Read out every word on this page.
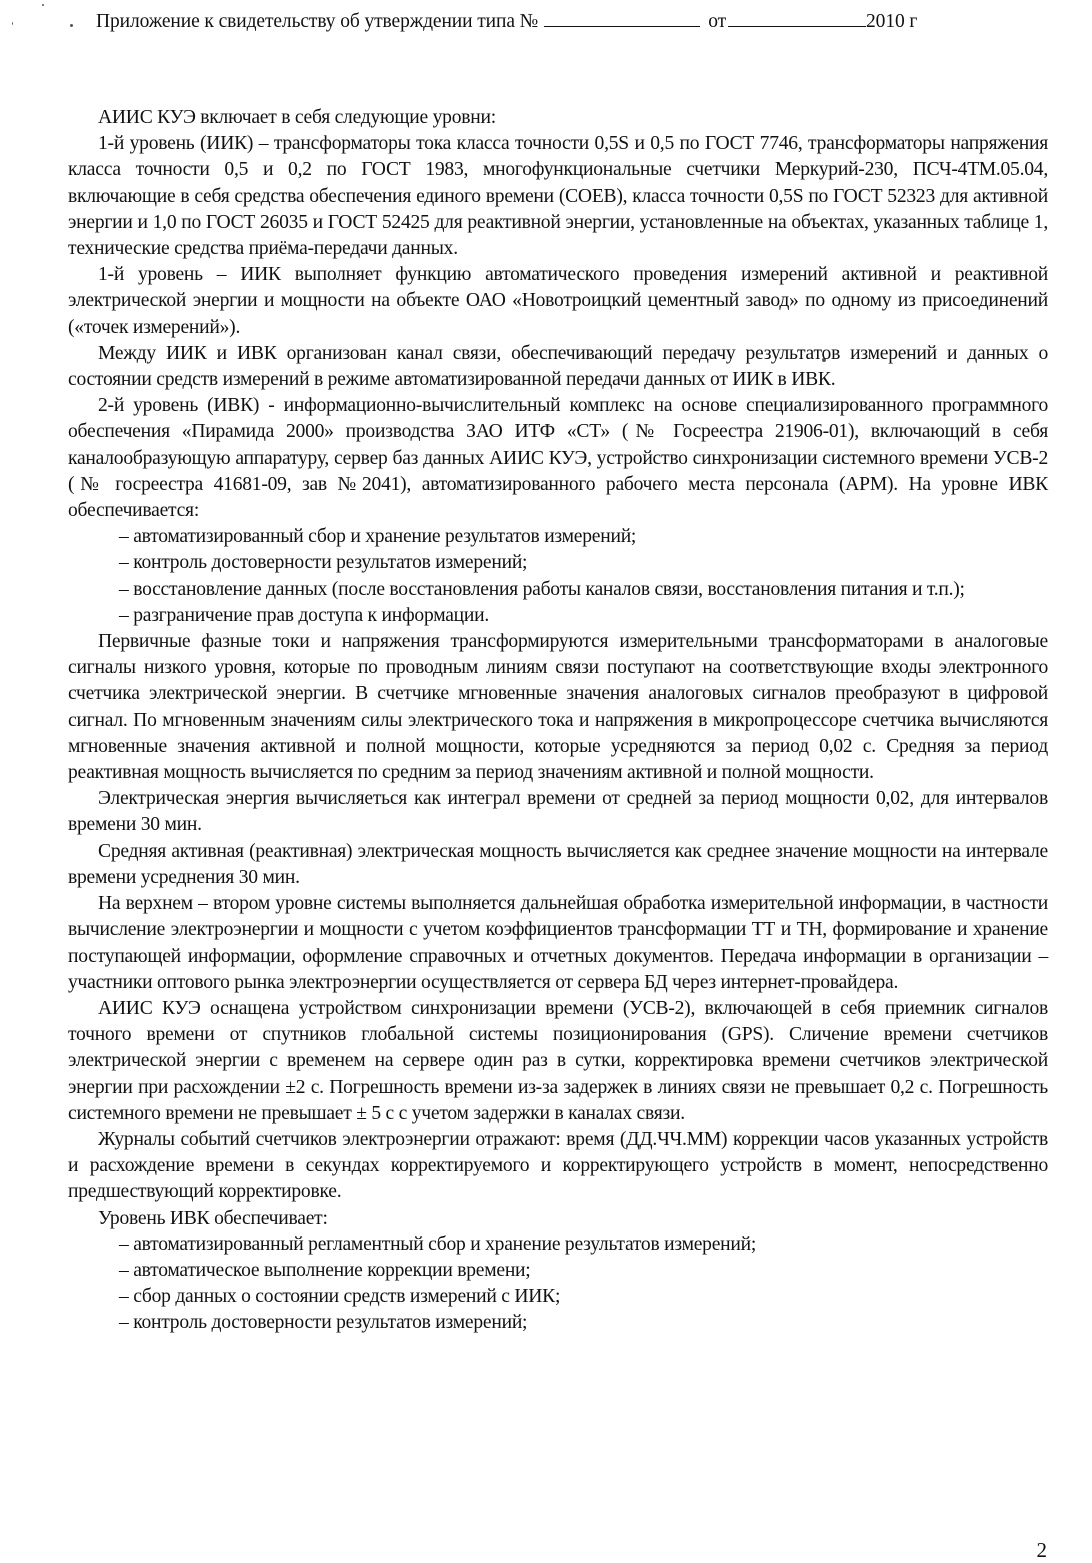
Приложение к свидетельству об утверждении типа №	от	2010 г

АИИС КУЭ включает в себя следующие уровни:

1-й уровень (ИИК) – трансформаторы тока класса точности 0,5S и 0,5 по ГОСТ 7746, трансформаторы напряжения класса точности 0,5 и 0,2 по ГОСТ 1983, многофункциональные счетчики Меркурий-230, ПСЧ-4ТМ.05.04, включающие в себя средства обеспечения единого времени (СОЕВ), класса точности 0,5S по ГОСТ 52323 для активной энергии и 1,0 по ГОСТ 26035 и ГОСТ 52425 для реактивной энергии, установленные на объектах, указанных таблице 1, технические средства приёма-передачи данных.

1-й уровень – ИИК выполняет функцию автоматического проведения измерений активной и реактивной электрической энергии и мощности на объекте ОАО «Новотроицкий цементный завод» по одному из присоединений («точек измерений»).

Между ИИК и ИВК организован канал связи, обеспечивающий передачу результатов измерений и данных о состоянии средств измерений в режиме автоматизированной передачи данных от ИИК в ИВК.

2-й уровень (ИВК) - информационно-вычислительный комплекс на основе специализированного программного обеспечения «Пирамида 2000» производства ЗАО ИТФ «СТ» (№ Госреестра 21906-01), включающий в себя каналообразующую аппаратуру, сервер баз данных АИИС КУЭ, устройство синхронизации системного времени УСВ-2 (№ госреестра 41681-09, зав №2041), автоматизированного рабочего места персонала (АРМ). На уровне ИВК обеспечивается:

– автоматизированный сбор и хранение результатов измерений;

– контроль достоверности результатов измерений;

– восстановление данных (после восстановления работы каналов связи, восстановления питания и т.п.);

– разграничение прав доступа к информации.

Первичные фазные токи и напряжения трансформируются измерительными трансформаторами в аналоговые сигналы низкого уровня, которые по проводным линиям связи поступают на соответствующие входы электронного счетчика электрической энергии. В счетчике мгновенные значения аналоговых сигналов преобразуют в цифровой сигнал. По мгновенным значениям силы электрического тока и напряжения в микропроцессоре счетчика вычисляются мгновенные значения активной и полной мощности, которые усредняются за период 0,02 с. Средняя за период реактивная мощность вычисляется по средним за период значениям активной и полной мощности.

Электрическая энергия вычисляеться как интеграл времени от средней за период мощности 0,02, для интервалов времени 30 мин.

Средняя активная (реактивная) электрическая мощность вычисляется как среднее значение мощности на интервале времени усреднения 30 мин.

На верхнем – втором уровне системы выполняется дальнейшая обработка измерительной информации, в частности вычисление электроэнергии и мощности с учетом коэффициентов трансформации ТТ и ТН, формирование и хранение поступающей информации, оформление справочных и отчетных документов. Передача информации в организации – участники оптового рынка электроэнергии осуществляется от сервера БД через интернет-провайдера.

АИИС КУЭ оснащена устройством синхронизации времени (УСВ-2), включающей в себя приемник сигналов точного времени от спутников глобальной системы позиционирования (GPS). Сличение времени счетчиков электрической энергии с временем на сервере один раз в сутки, корректировка времени счетчиков электрической энергии при расхождении ±2 с. Погрешность времени из-за задержек в линиях связи не превышает 0,2 с. Погрешность системного времени не превышает ± 5 с с учетом задержки в каналах связи.

Журналы событий счетчиков электроэнергии отражают: время (ДД.ЧЧ.ММ) коррекции часов указанных устройств и расхождение времени в секундах корректируемого и корректирующего устройств в момент, непосредственно предшествующий корректировке.

Уровень ИВК обеспечивает:

– автоматизированный регламентный сбор и хранение результатов измерений;

– автоматическое выполнение коррекции времени;

– сбор данных о состоянии средств измерений с ИИК;

– контроль достоверности результатов измерений;

2
